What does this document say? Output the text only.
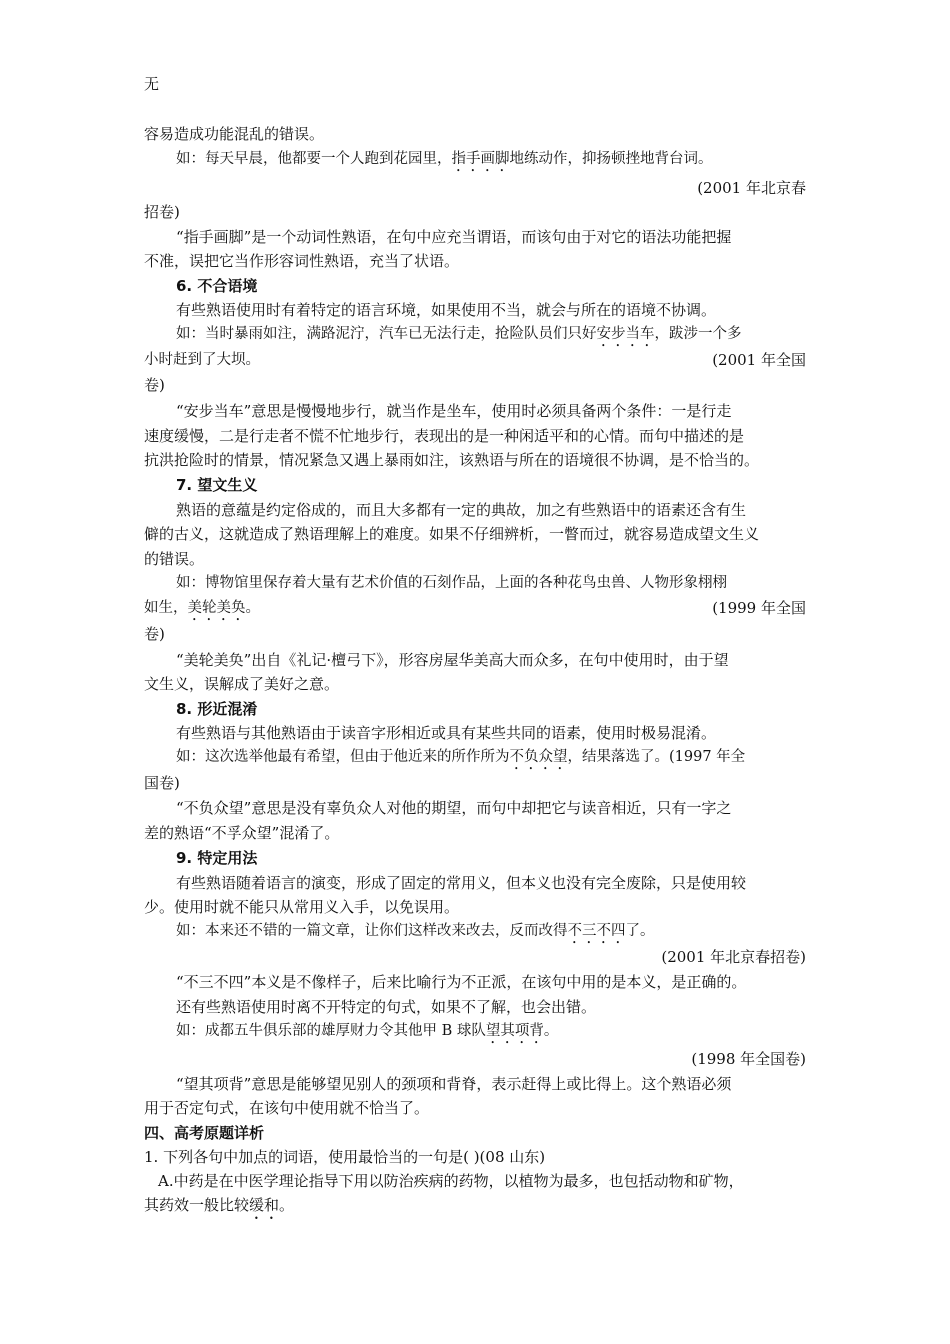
无
容易造成功能混乱的错误。
如：每天早晨，他都要一个人跑到花园里，指手画脚地练动作，抑扬顿挫地背台词。
(2001 年北京春
招卷)
“指手画脚”是一个动词性熟语，在句中应充当谓语，而该句由于对它的语法功能把握
不准，误把它当作形容词性熟语，充当了状语。
6. 不合语境
有些熟语使用时有着特定的语言环境，如果使用不当，就会与所在的语境不协调。
如：当时暴雨如注，满路泥泞，汽车已无法行走，抢险队员们只好安步当车，跋涉一个多
小时赶到了大坝。	(2001 年全国
卷)
“安步当车”意思是慢慢地步行，就当作是坐车，使用时必须具备两个条件：一是行走
速度缓慢，二是行走者不慌不忙地步行，表现出的是一种闲适平和的心情。而句中描述的是
抗洪抢险时的情景，情况紧急又遇上暴雨如注，该熟语与所在的语境很不协调，是不恰当的。
7. 望文生义
熟语的意蕴是约定俗成的，而且大多都有一定的典故，加之有些熟语中的语素还含有生
僻的古义，这就造成了熟语理解上的难度。如果不仔细辨析，一瞥而过，就容易造成望文生义
的错误。
如：博物馆里保存着大量有艺术价值的石刻作品，上面的各种花鸟虫兽、人物形象栩栩
如生，美轮美奂。	(1999 年全国
卷)
“美轮美奂”出自《礼记·檀弓下》，形容房屋华美高大而众多，在句中使用时，由于望
文生义，误解成了美好之意。
8. 形近混淆
有些熟语与其他熟语由于读音字形相近或具有某些共同的语素，使用时极易混淆。
如：这次选举他最有希望，但由于他近来的所作所为不负众望，结果落选了。(1997 年全
国卷)
“不负众望”意思是没有辜负众人对他的期望，而句中却把它与读音相近，只有一字之
差的熟语“不孚众望”混淆了。
9. 特定用法
有些熟语随着语言的演变，形成了固定的常用义，但本义也没有完全废除，只是使用较
少。使用时就不能只从常用义入手，以免误用。
如：本来还不错的一篇文章，让你们这样改来改去，反而改得不三不四了。
(2001 年北京春招卷)
“不三不四”本义是不像样子，后来比喻行为不正派，在该句中用的是本义，是正确的。
还有些熟语使用时离不开特定的句式，如果不了解，也会出错。
如：成都五牛俱乐部的雄厚财力令其他甲 B 球队望其项背。
(1998 年全国卷)
“望其项背”意思是能够望见别人的颈项和背脊，表示赶得上或比得上。这个熟语必须
用于否定句式，在该句中使用就不恰当了。
四、高考原题详析
1. 下列各句中加点的词语，使用最恰当的一句是( )(08 山东)
A.中药是在中医学理论指导下用以防治疾病的药物，以植物为最多，也包括动物和矿物，
其药效一般比较缓和。
